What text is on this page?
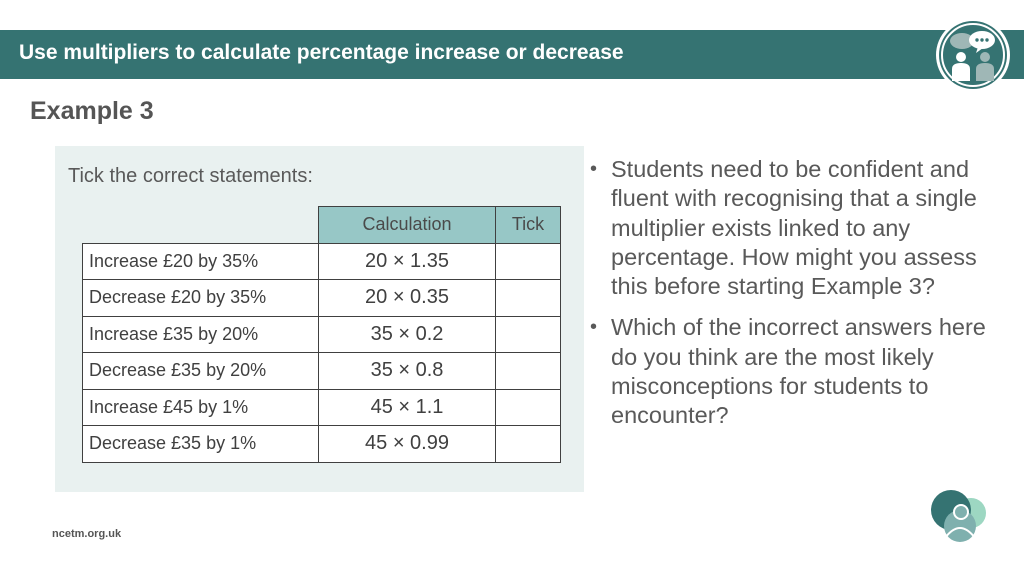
Use multipliers to calculate percentage increase or decrease
Example 3
Tick the correct statements:
	Calculation	Tick
Increase £20 by 35%	20 × 1.35	
Decrease £20 by 35%	20 × 0.35	
Increase £35 by 20%	35 × 0.2	
Decrease £35 by 20%	35 × 0.8	
Increase £45 by 1%	45 × 1.1	
Decrease £35 by 1%	45 × 0.99	
• Students need to be confident and fluent with recognising that a single multiplier exists linked to any percentage. How might you assess this before starting Example 3?
• Which of the incorrect answers here do you think are the most likely misconceptions for students to encounter?
ncetm.org.uk
